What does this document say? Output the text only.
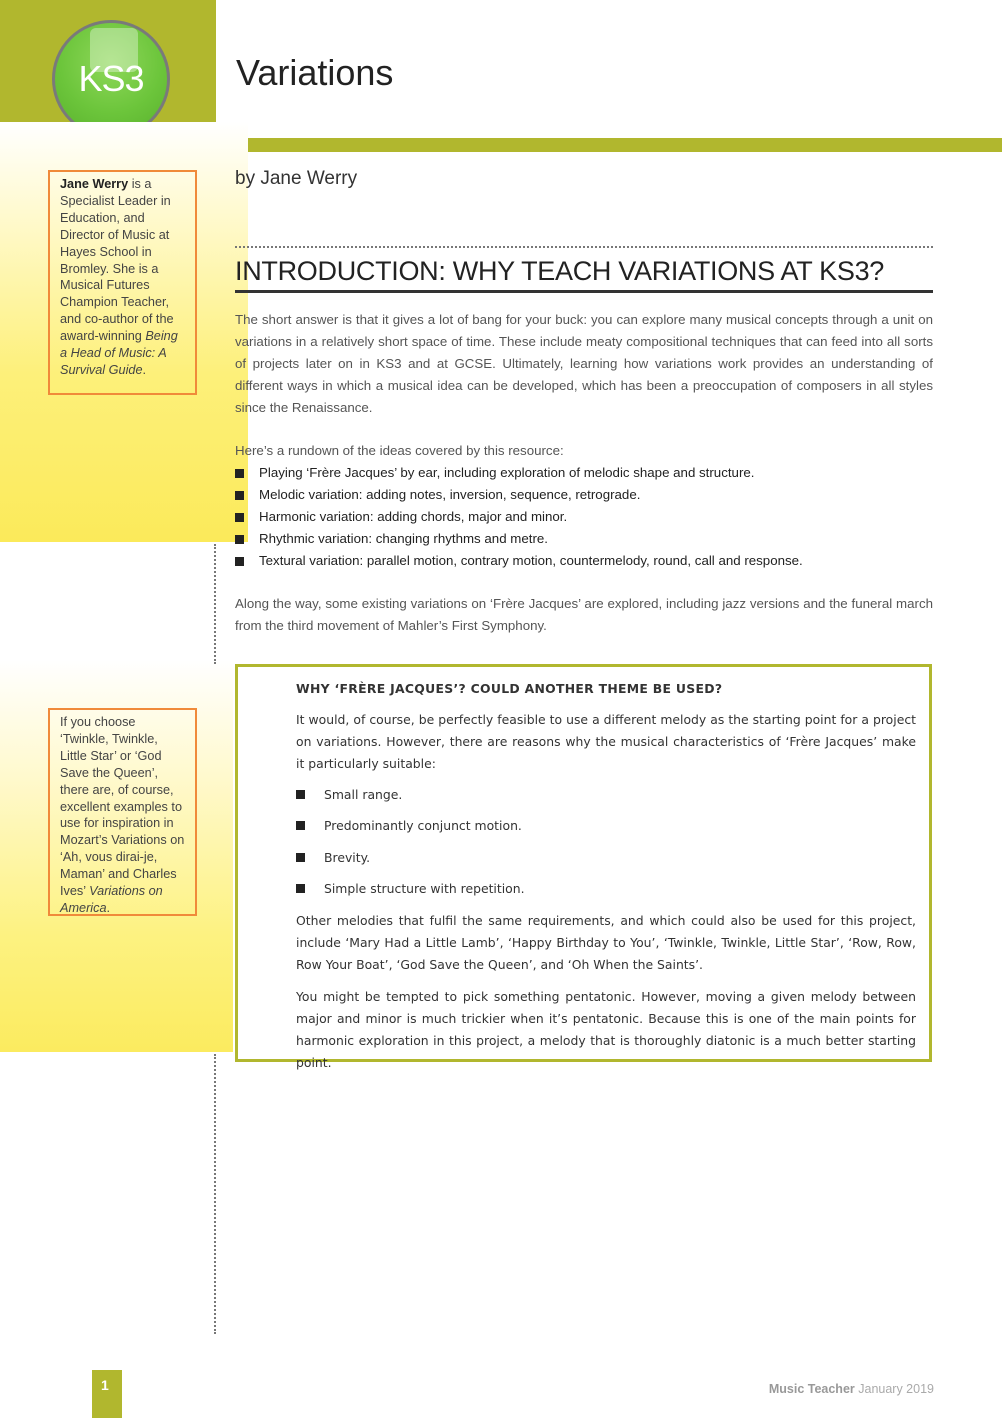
KS3	Variations
Jane Werry is a Specialist Leader in Education, and Director of Music at Hayes School in Bromley. She is a Musical Futures Champion Teacher, and co-author of the award-winning Being a Head of Music: A Survival Guide.
If you choose ‘Twinkle, Twinkle, Little Star’ or ‘God Save the Queen’, there are, of course, excellent examples to use for inspiration in Mozart’s Variations on ‘Ah, vous dirai-je, Maman’ and Charles Ives’ Variations on America.
by Jane Werry
INTRODUCTION: WHY TEACH VARIATIONS AT KS3?

The short answer is that it gives a lot of bang for your buck: you can explore many musical concepts through a unit on variations in a relatively short space of time. These include meaty compositional techniques that can feed into all sorts of projects later on in KS3 and at GCSE. Ultimately, learning how variations work provides an understanding of different ways in which a musical idea can be developed, which has been a preoccupation of composers in all styles since the Renaissance.

Here’s a rundown of the ideas covered by this resource:

Playing ‘Frère Jacques’ by ear, including exploration of melodic shape and structure.
Melodic variation: adding notes, inversion, sequence, retrograde.
Harmonic variation: adding chords, major and minor.
Rhythmic variation: changing rhythms and metre.
Textural variation: parallel motion, contrary motion, countermelody, round, call and response.

Along the way, some existing variations on ‘Frère Jacques’ are explored, including jazz versions and the funeral march from the third movement of Mahler’s First Symphony.

WHY ‘FRÈRE JACQUES’? COULD ANOTHER THEME BE USED?

It would, of course, be perfectly feasible to use a different melody as the starting point for a project on variations. However, there are reasons why the musical characteristics of ‘Frère Jacques’ make it particularly suitable:

Small range.
Predominantly conjunct motion.
Brevity.
Simple structure with repetition.

Other melodies that fulfil the same requirements, and which could also be used for this project, include ‘Mary Had a Little Lamb’, ‘Happy Birthday to You’, ‘Twinkle, Twinkle, Little Star’, ‘Row, Row, Row Your Boat’, ‘God Save the Queen’, and ‘Oh When the Saints’.

You might be tempted to pick something pentatonic. However, moving a given melody between major and minor is much trickier when it’s pentatonic. Because this is one of the main points for harmonic exploration in this project, a melody that is thoroughly diatonic is a much better starting point.

1	Music Teacher January 2019
